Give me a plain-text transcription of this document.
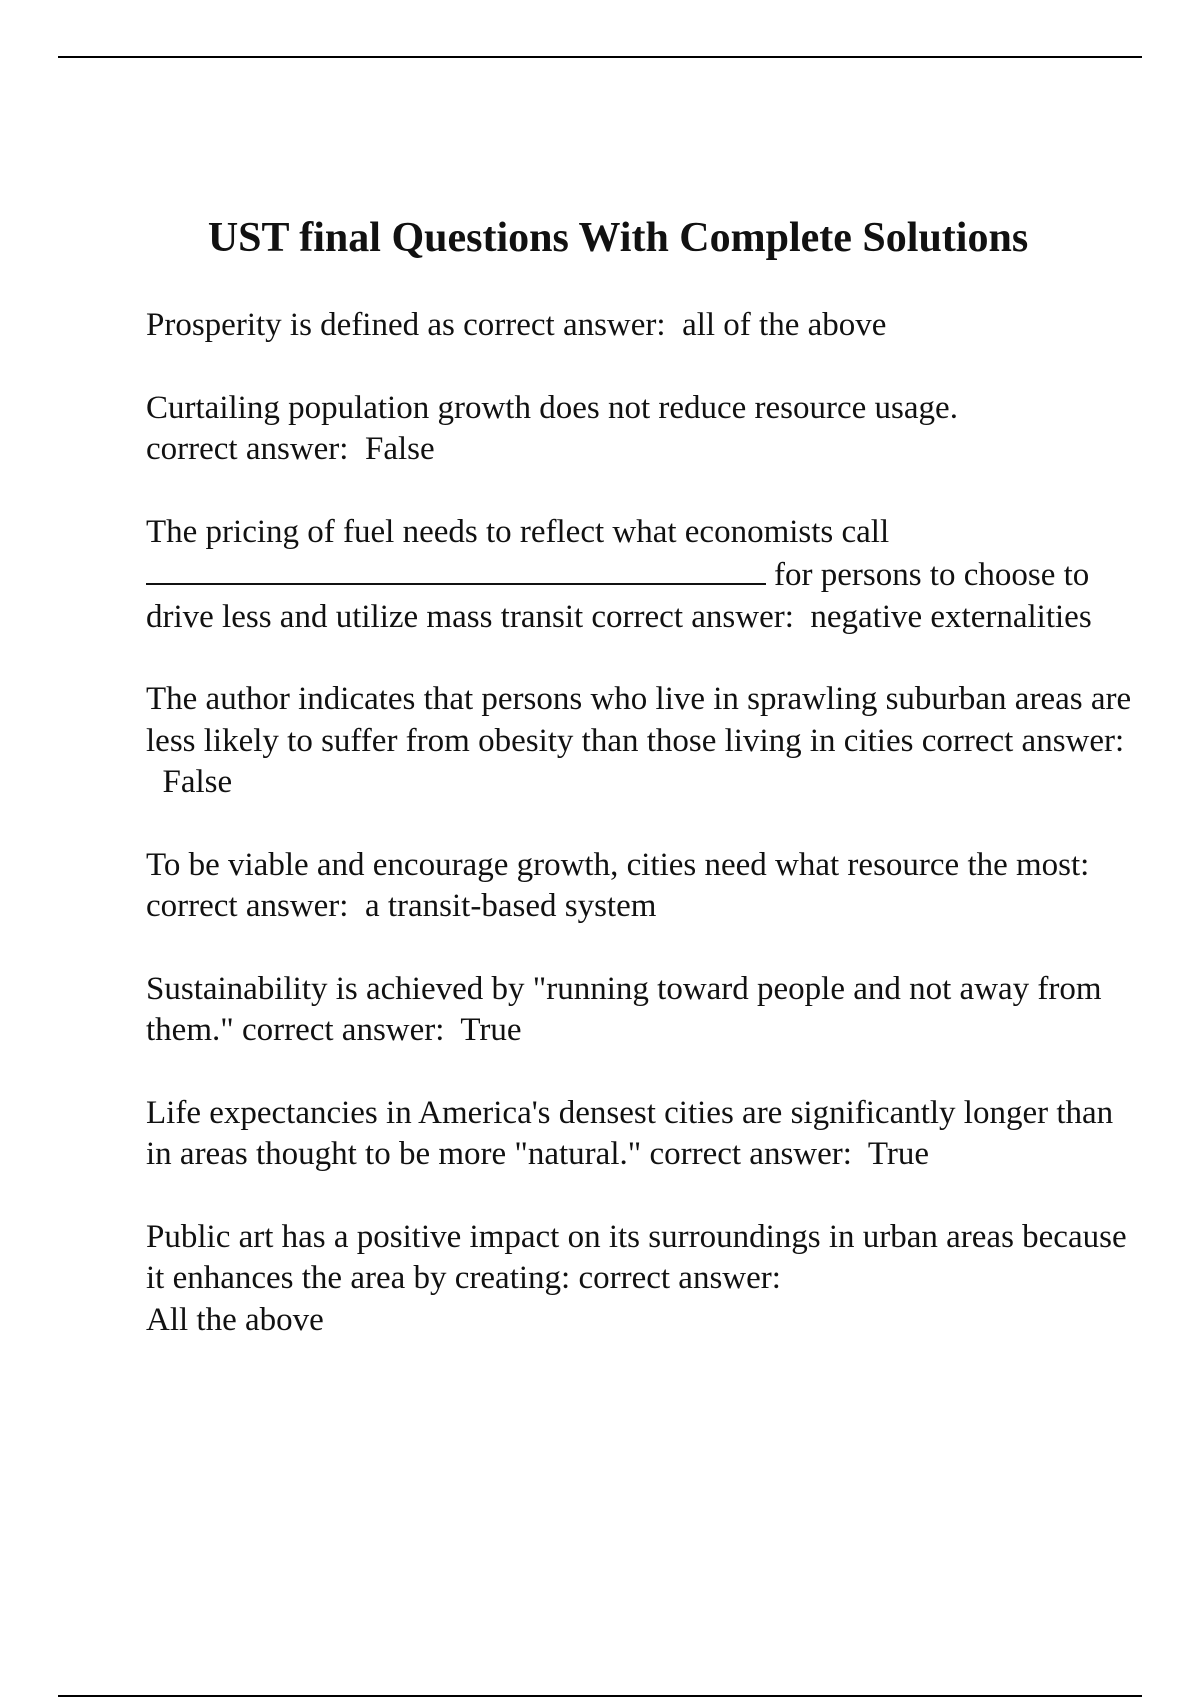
UST final Questions With Complete Solutions
Prosperity is defined as correct answer: all of the above
Curtailing population growth does not reduce resource usage.
correct answer: False
The pricing of fuel needs to reflect what economists call
for persons to choose to drive less and utilize mass transit correct answer: negative externalities
The author indicates that persons who live in sprawling suburban areas are less likely to suffer from obesity than those living in cities correct answer:  False
To be viable and encourage growth, cities need what resource the most: correct answer: a transit-based system
Sustainability is achieved by "running toward people and not away from them." correct answer: True
Life expectancies in America's densest cities are significantly longer than in areas thought to be more "natural." correct answer: True
Public art has a positive impact on its surroundings in urban areas because it enhances the area by creating: correct answer:
All the above
